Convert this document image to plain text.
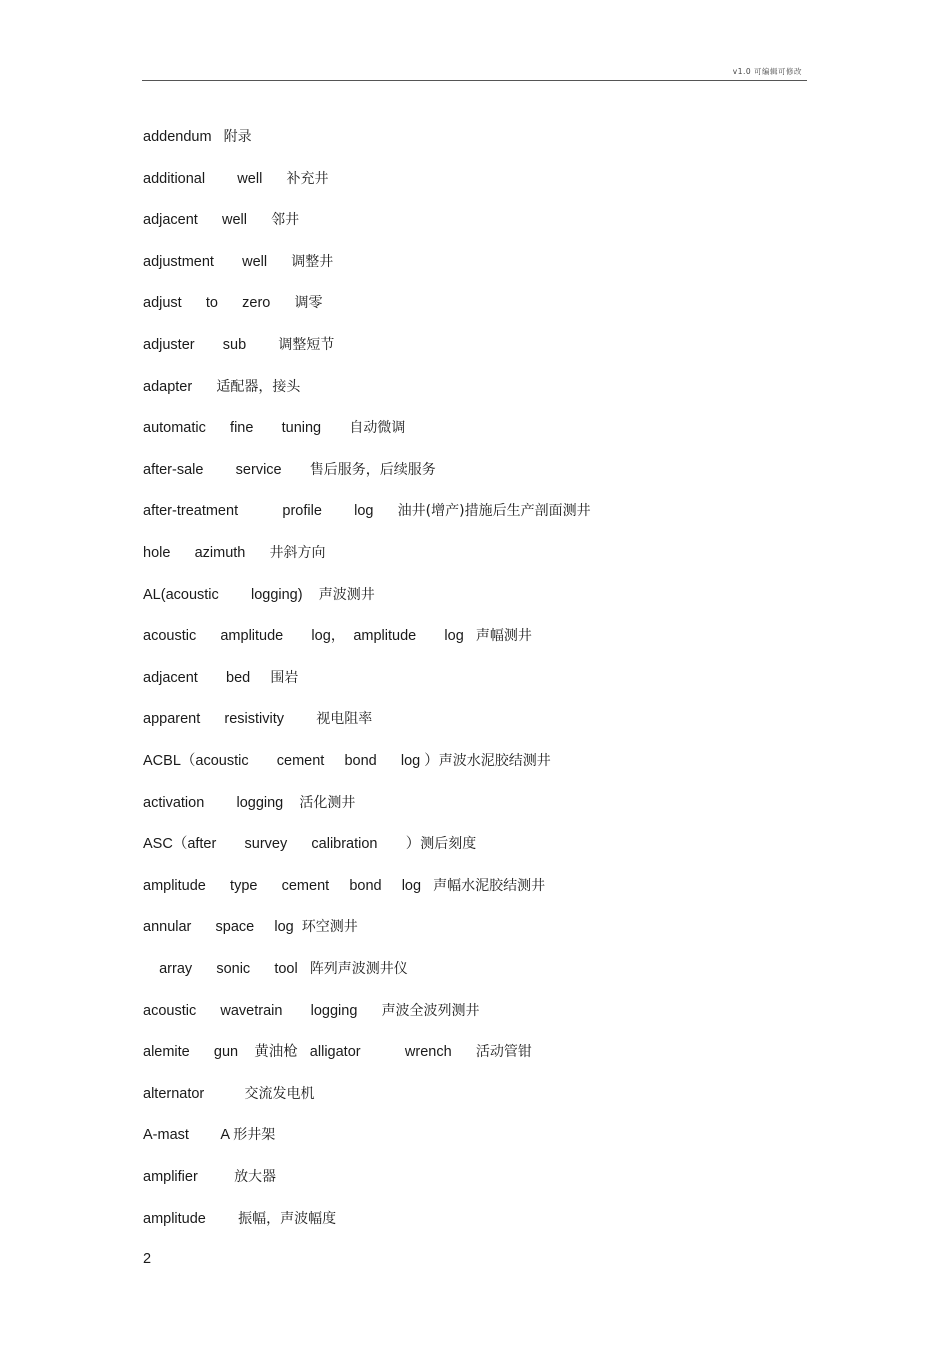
v1.0 可编辑可修改
addendum   附录
additional        well      补充井
adjacent      well      邻井
adjustment       well      调整井
adjust      to      zero      调零
adjuster       sub        调整短节
adapter      适配器，接头
automatic      fine       tuning       自动微调
after-sale        service       售后服务，后续服务
after-treatment           profile        log      油井(增产)措施后生产剖面测井
hole      azimuth      井斜方向
AL(acoustic        logging)    声波测井
acoustic      amplitude       log，  amplitude       log   声幅测井
adjacent       bed     围岩
apparent      resistivity        视电阻率
ACBL（acoustic       cement     bond      log ）声波水泥胶结测井
activation        logging    活化测井
ASC（after       survey      calibration       ）测后刻度
amplitude      type      cement     bond     log   声幅水泥胶结测井
annular      space     log  环空测井
array      sonic      tool   阵列声波测井仪
acoustic      wavetrain       logging      声波全波列测井
alemite      gun    黄油枪   alligator           wrench      活动管钳
alternator          交流发电机
A-mast        A 形井架
amplifier         放大器
amplitude        振幅，声波幅度
2
